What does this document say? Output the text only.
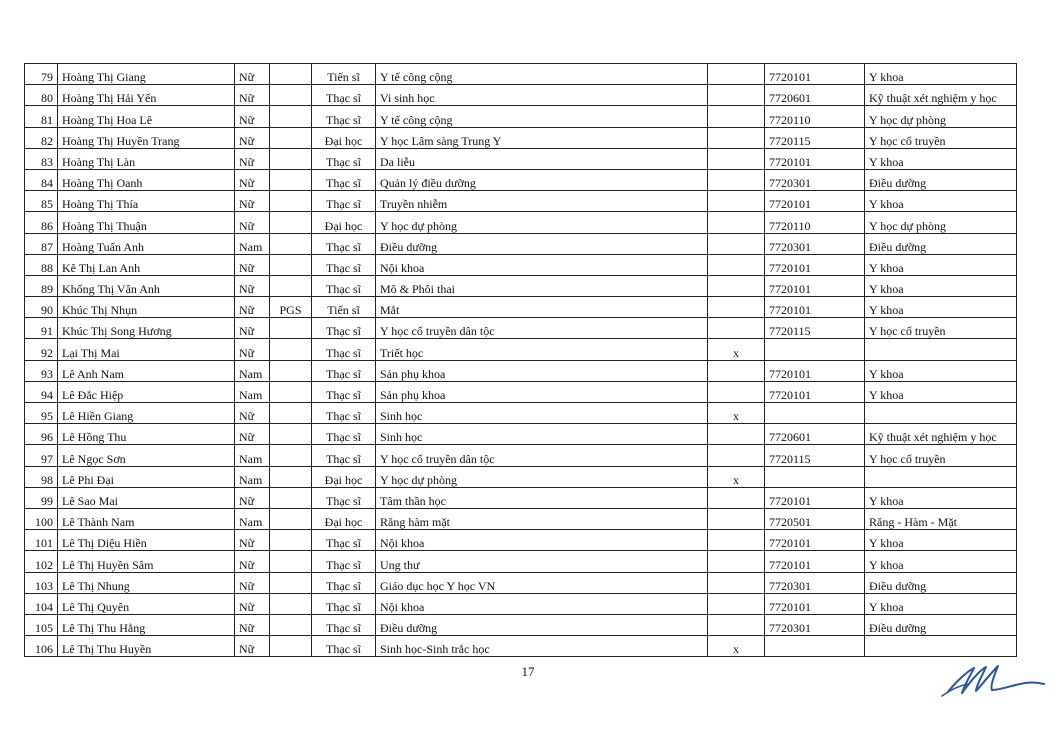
79	Hoàng Thị Giang	Nữ		Tiến sĩ	Y tế công cộng		7720101	Y khoa
80	Hoàng Thị Hải Yến	Nữ		Thạc sĩ	Vi sinh học		7720601	Kỹ thuật xét nghiệm y học
81	Hoàng Thị Hoa Lê	Nữ		Thạc sĩ	Y tế công cộng		7720110	Y học dự phòng
82	Hoàng Thị Huyền Trang	Nữ		Đại học	Y học Lâm sàng Trung Y		7720115	Y học cổ truyền
83	Hoàng Thị Làn	Nữ		Thạc sĩ	Da liễu		7720101	Y khoa
84	Hoàng Thị Oanh	Nữ		Thạc sĩ	Quản lý điều dưỡng		7720301	Điều dưỡng
85	Hoàng Thị Thía	Nữ		Thạc sĩ	Truyền nhiễm		7720101	Y khoa
86	Hoàng Thị Thuận	Nữ		Đại học	Y học dự phòng		7720110	Y học dự phòng
87	Hoàng Tuấn Anh	Nam		Thạc sĩ	Điều dưỡng		7720301	Điều dưỡng
88	Kê Thị Lan Anh	Nữ		Thạc sĩ	Nội khoa		7720101	Y khoa
89	Khổng Thị Vân Anh	Nữ		Thạc sĩ	Mô & Phôi thai		7720101	Y khoa
90	Khúc Thị Nhụn	Nữ	PGS	Tiến sĩ	Mắt		7720101	Y khoa
91	Khúc Thị Song Hương	Nữ		Thạc sĩ	Y học cổ truyền dân tộc		7720115	Y học cổ truyền
92	Lại Thị Mai	Nữ		Thạc sĩ	Triết học	x		
93	Lê Anh Nam	Nam		Thạc sĩ	Sản phụ khoa		7720101	Y khoa
94	Lê Đắc Hiệp	Nam		Thạc sĩ	Sản phụ khoa		7720101	Y khoa
95	Lê Hiền Giang	Nữ		Thạc sĩ	Sinh học	x		
96	Lê Hồng Thu	Nữ		Thạc sĩ	Sinh học		7720601	Kỹ thuật xét nghiệm y học
97	Lê Ngọc Sơn	Nam		Thạc sĩ	Y học cổ truyền dân tộc		7720115	Y học cổ truyền
98	Lê Phi Đại	Nam		Đại học	Y học dự phòng	x		
99	Lê Sao Mai	Nữ		Thạc sĩ	Tâm thần học		7720101	Y khoa
100	Lê Thành Nam	Nam		Đại học	Răng hàm mặt		7720501	Răng - Hàm - Mặt
101	Lê Thị Diệu Hiền	Nữ		Thạc sĩ	Nội khoa		7720101	Y khoa
102	Lê Thị Huyền Sâm	Nữ		Thạc sĩ	Ung thư		7720101	Y khoa
103	Lê Thị Nhung	Nữ		Thạc sĩ	Giáo dục học Y học VN		7720301	Điều dưỡng
104	Lê Thị Quyên	Nữ		Thạc sĩ	Nội khoa		7720101	Y khoa
105	Lê Thị Thu Hằng	Nữ		Thạc sĩ	Điều dưỡng		7720301	Điều dưỡng
106	Lê Thị Thu Huyền	Nữ		Thạc sĩ	Sinh học-Sinh trắc học	x		
17
